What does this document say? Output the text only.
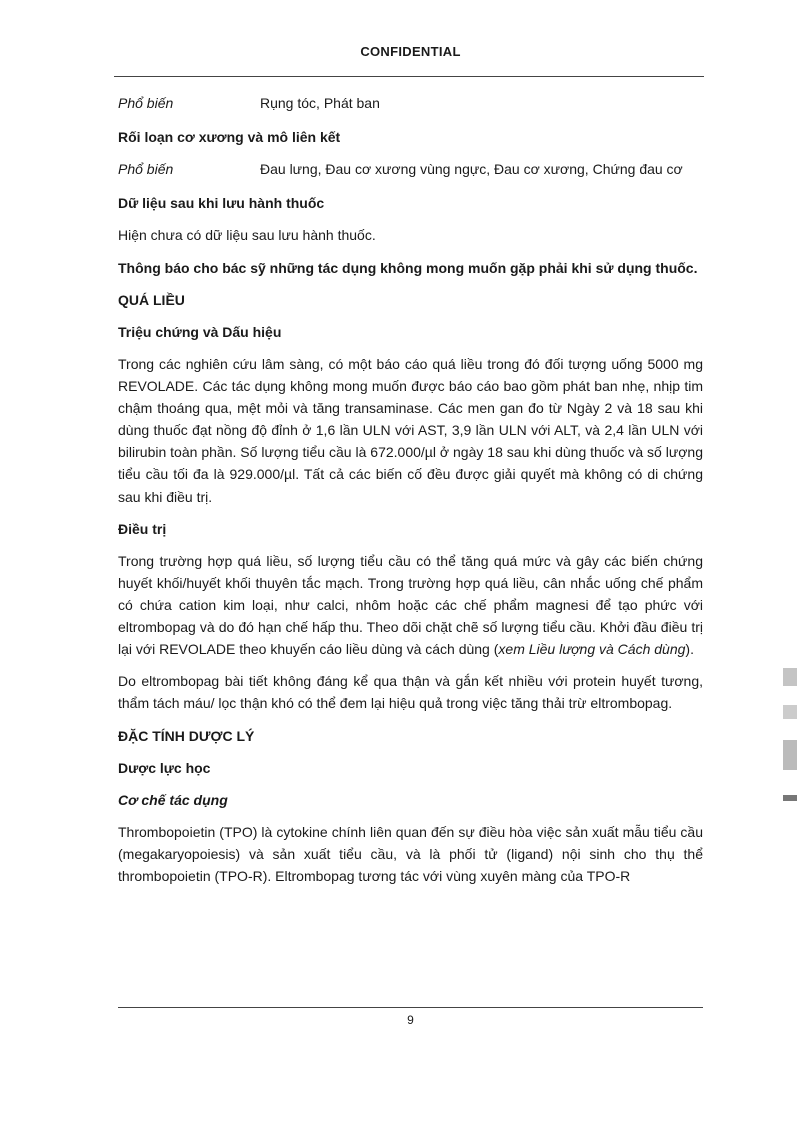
CONFIDENTIAL
Phổ biến	Rụng tóc, Phát ban
Rối loạn cơ xương và mô liên kết
Phổ biến	Đau lưng, Đau cơ xương vùng ngực, Đau cơ xương, Chứng đau cơ
Dữ liệu sau khi lưu hành thuốc

Hiện chưa có dữ liệu sau lưu hành thuốc.

Thông báo cho bác sỹ những tác dụng không mong muốn gặp phải khi sử dụng thuốc.
QUÁ LIỀU
Triệu chứng và Dấu hiệu

Trong các nghiên cứu lâm sàng, có một báo cáo quá liều trong đó đối tượng uống 5000 mg REVOLADE. Các tác dụng không mong muốn được báo cáo bao gồm phát ban nhẹ, nhịp tim chậm thoáng qua, mệt mỏi và tăng transaminase. Các men gan đo từ Ngày 2 và 18 sau khi dùng thuốc đạt nồng độ đỉnh ở 1,6 lần ULN với AST, 3,9 lần ULN với ALT, và 2,4 lần ULN với bilirubin toàn phần. Số lượng tiểu cầu là 672.000/µl ở ngày 18 sau khi dùng thuốc và số lượng tiểu cầu tối đa là 929.000/µl. Tất cả các biến cố đều được giải quyết mà không có di chứng sau khi điều trị.

Điều trị

Trong trường hợp quá liều, số lượng tiểu cầu có thể tăng quá mức và gây các biến chứng huyết khối/huyết khối thuyên tắc mạch. Trong trường hợp quá liều, cân nhắc uống chế phẩm có chứa cation kim loại, như calci, nhôm hoặc các chế phẩm magnesi để tạo phức với eltrombopag và do đó hạn chế hấp thu. Theo dõi chặt chẽ số lượng tiểu cầu. Khởi đầu điều trị lại với REVOLADE theo khuyến cáo liều dùng và cách dùng (xem Liều lượng và Cách dùng).

Do eltrombopag bài tiết không đáng kể qua thận và gắn kết nhiều với protein huyết tương, thẩm tách máu/ lọc thận khó có thể đem lại hiệu quả trong việc tăng thải trừ eltrombopag.

ĐẶC TÍNH DƯỢC LÝ
Dược lực học
Cơ chế tác dụng

Thrombopoietin (TPO) là cytokine chính liên quan đến sự điều hòa việc sản xuất mẫu tiểu cầu (megakaryopoiesis) và sản xuất tiểu cầu, và là phối tử (ligand) nội sinh cho thụ thể thrombopoietin (TPO-R). Eltrombopag tương tác với vùng xuyên màng của TPO-R

9
